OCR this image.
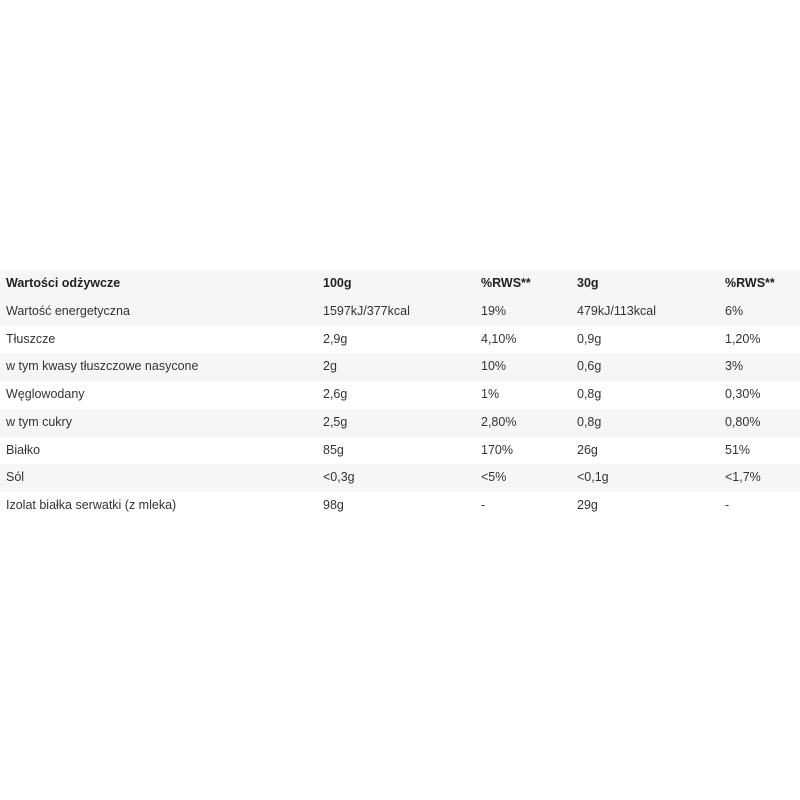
Wartości odżywcze	100g	%RWS**	30g	%RWS**
Wartość energetyczna	1597kJ/377kcal	19%	479kJ/113kcal	6%
Tłuszcze	2,9g	4,10%	0,9g	1,20%
w tym kwasy tłuszczowe nasycone	2g	10%	0,6g	3%
Węglowodany	2,6g	1%	0,8g	0,30%
w tym cukry	2,5g	2,80%	0,8g	0,80%
Białko	85g	170%	26g	51%
Sól	<0,3g	<5%	<0,1g	<1,7%
Izolat białka serwatki (z mleka)	98g	-	29g	-
